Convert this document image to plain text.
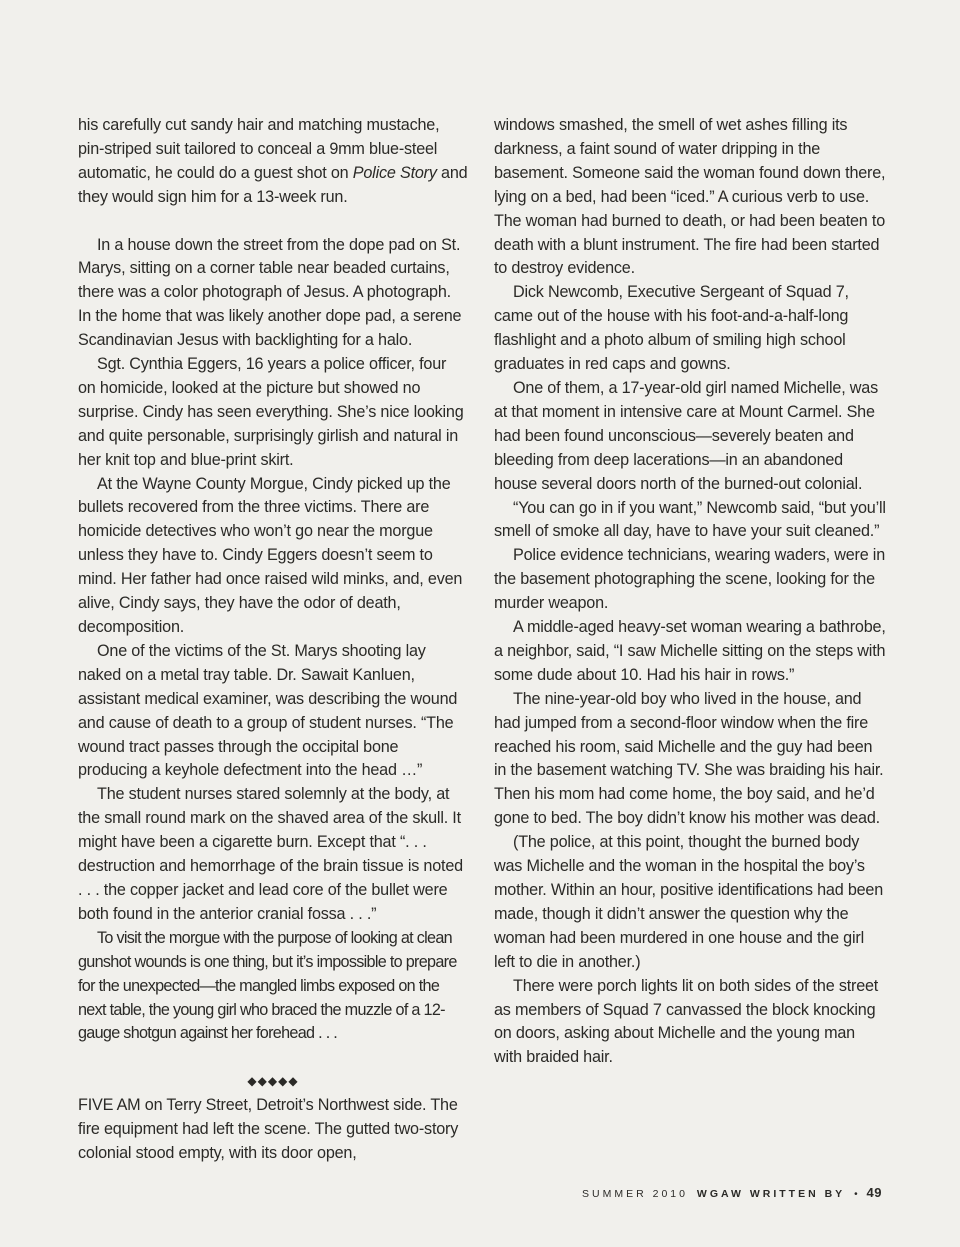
his carefully cut sandy hair and matching mustache, pin-striped suit tailored to conceal a 9mm blue-steel automatic, he could do a guest shot on Police Story and they would sign him for a 13-week run.

In a house down the street from the dope pad on St. Marys, sitting on a corner table near beaded curtains, there was a color photograph of Jesus. A photograph. In the home that was likely another dope pad, a serene Scandinavian Jesus with backlighting for a halo.

Sgt. Cynthia Eggers, 16 years a police officer, four on homicide, looked at the picture but showed no surprise. Cindy has seen everything. She’s nice looking and quite personable, surprisingly girlish and natural in her knit top and blue-print skirt.

At the Wayne County Morgue, Cindy picked up the bullets recovered from the three victims. There are homicide detectives who won’t go near the morgue unless they have to. Cindy Eggers doesn’t seem to mind. Her father had once raised wild minks, and, even alive, Cindy says, they have the odor of death, decomposition.

One of the victims of the St. Marys shooting lay naked on a metal tray table. Dr. Sawait Kanluen, assistant medical examiner, was describing the wound and cause of death to a group of student nurses. “The wound tract passes through the occipital bone producing a keyhole defectment into the head …”

The student nurses stared solemnly at the body, at the small round mark on the shaved area of the skull. It might have been a cigarette burn. Except that “. . . destruction and hemorrhage of the brain tissue is noted . . . the copper jacket and lead core of the bullet were both found in the anterior cranial fossa . . .”

To visit the morgue with the purpose of looking at clean gunshot wounds is one thing, but it’s impossible to prepare for the unexpected—the mangled limbs exposed on the next table, the young girl who braced the muzzle of a 12-gauge shotgun against her forehead . . .

◆◆◆◆◆

FIVE AM on Terry Street, Detroit’s Northwest side. The fire equipment had left the scene. The gutted two-story colonial stood empty, with its door open,

windows smashed, the smell of wet ashes filling its darkness, a faint sound of water dripping in the basement. Someone said the woman found down there, lying on a bed, had been “iced.” A curious verb to use. The woman had burned to death, or had been beaten to death with a blunt instrument. The fire had been started to destroy evidence.

Dick Newcomb, Executive Sergeant of Squad 7, came out of the house with his foot-and-a-half-long flashlight and a photo album of smiling high school graduates in red caps and gowns.

One of them, a 17-year-old girl named Michelle, was at that moment in intensive care at Mount Carmel. She had been found unconscious—severely beaten and bleeding from deep lacerations—in an abandoned house several doors north of the burned-out colonial.

“You can go in if you want,” Newcomb said, “but you’ll smell of smoke all day, have to have your suit cleaned.”

Police evidence technicians, wearing waders, were in the basement photographing the scene, looking for the murder weapon.

A middle-aged heavy-set woman wearing a bathrobe, a neighbor, said, “I saw Michelle sitting on the steps with some dude about 10. Had his hair in rows.”

The nine-year-old boy who lived in the house, and had jumped from a second-floor window when the fire reached his room, said Michelle and the guy had been in the basement watching TV. She was braiding his hair. Then his mom had come home, the boy said, and he’d gone to bed. The boy didn’t know his mother was dead.

(The police, at this point, thought the burned body was Michelle and the woman in the hospital the boy’s mother. Within an hour, positive identifications had been made, though it didn’t answer the question why the woman had been murdered in one house and the girl left to die in another.)

There were porch lights lit on both sides of the street as members of Squad 7 canvassed the block knocking on doors, asking about Michelle and the young man with braided hair.

SUMMER 2010 WGAW WRITTEN BY • 49
